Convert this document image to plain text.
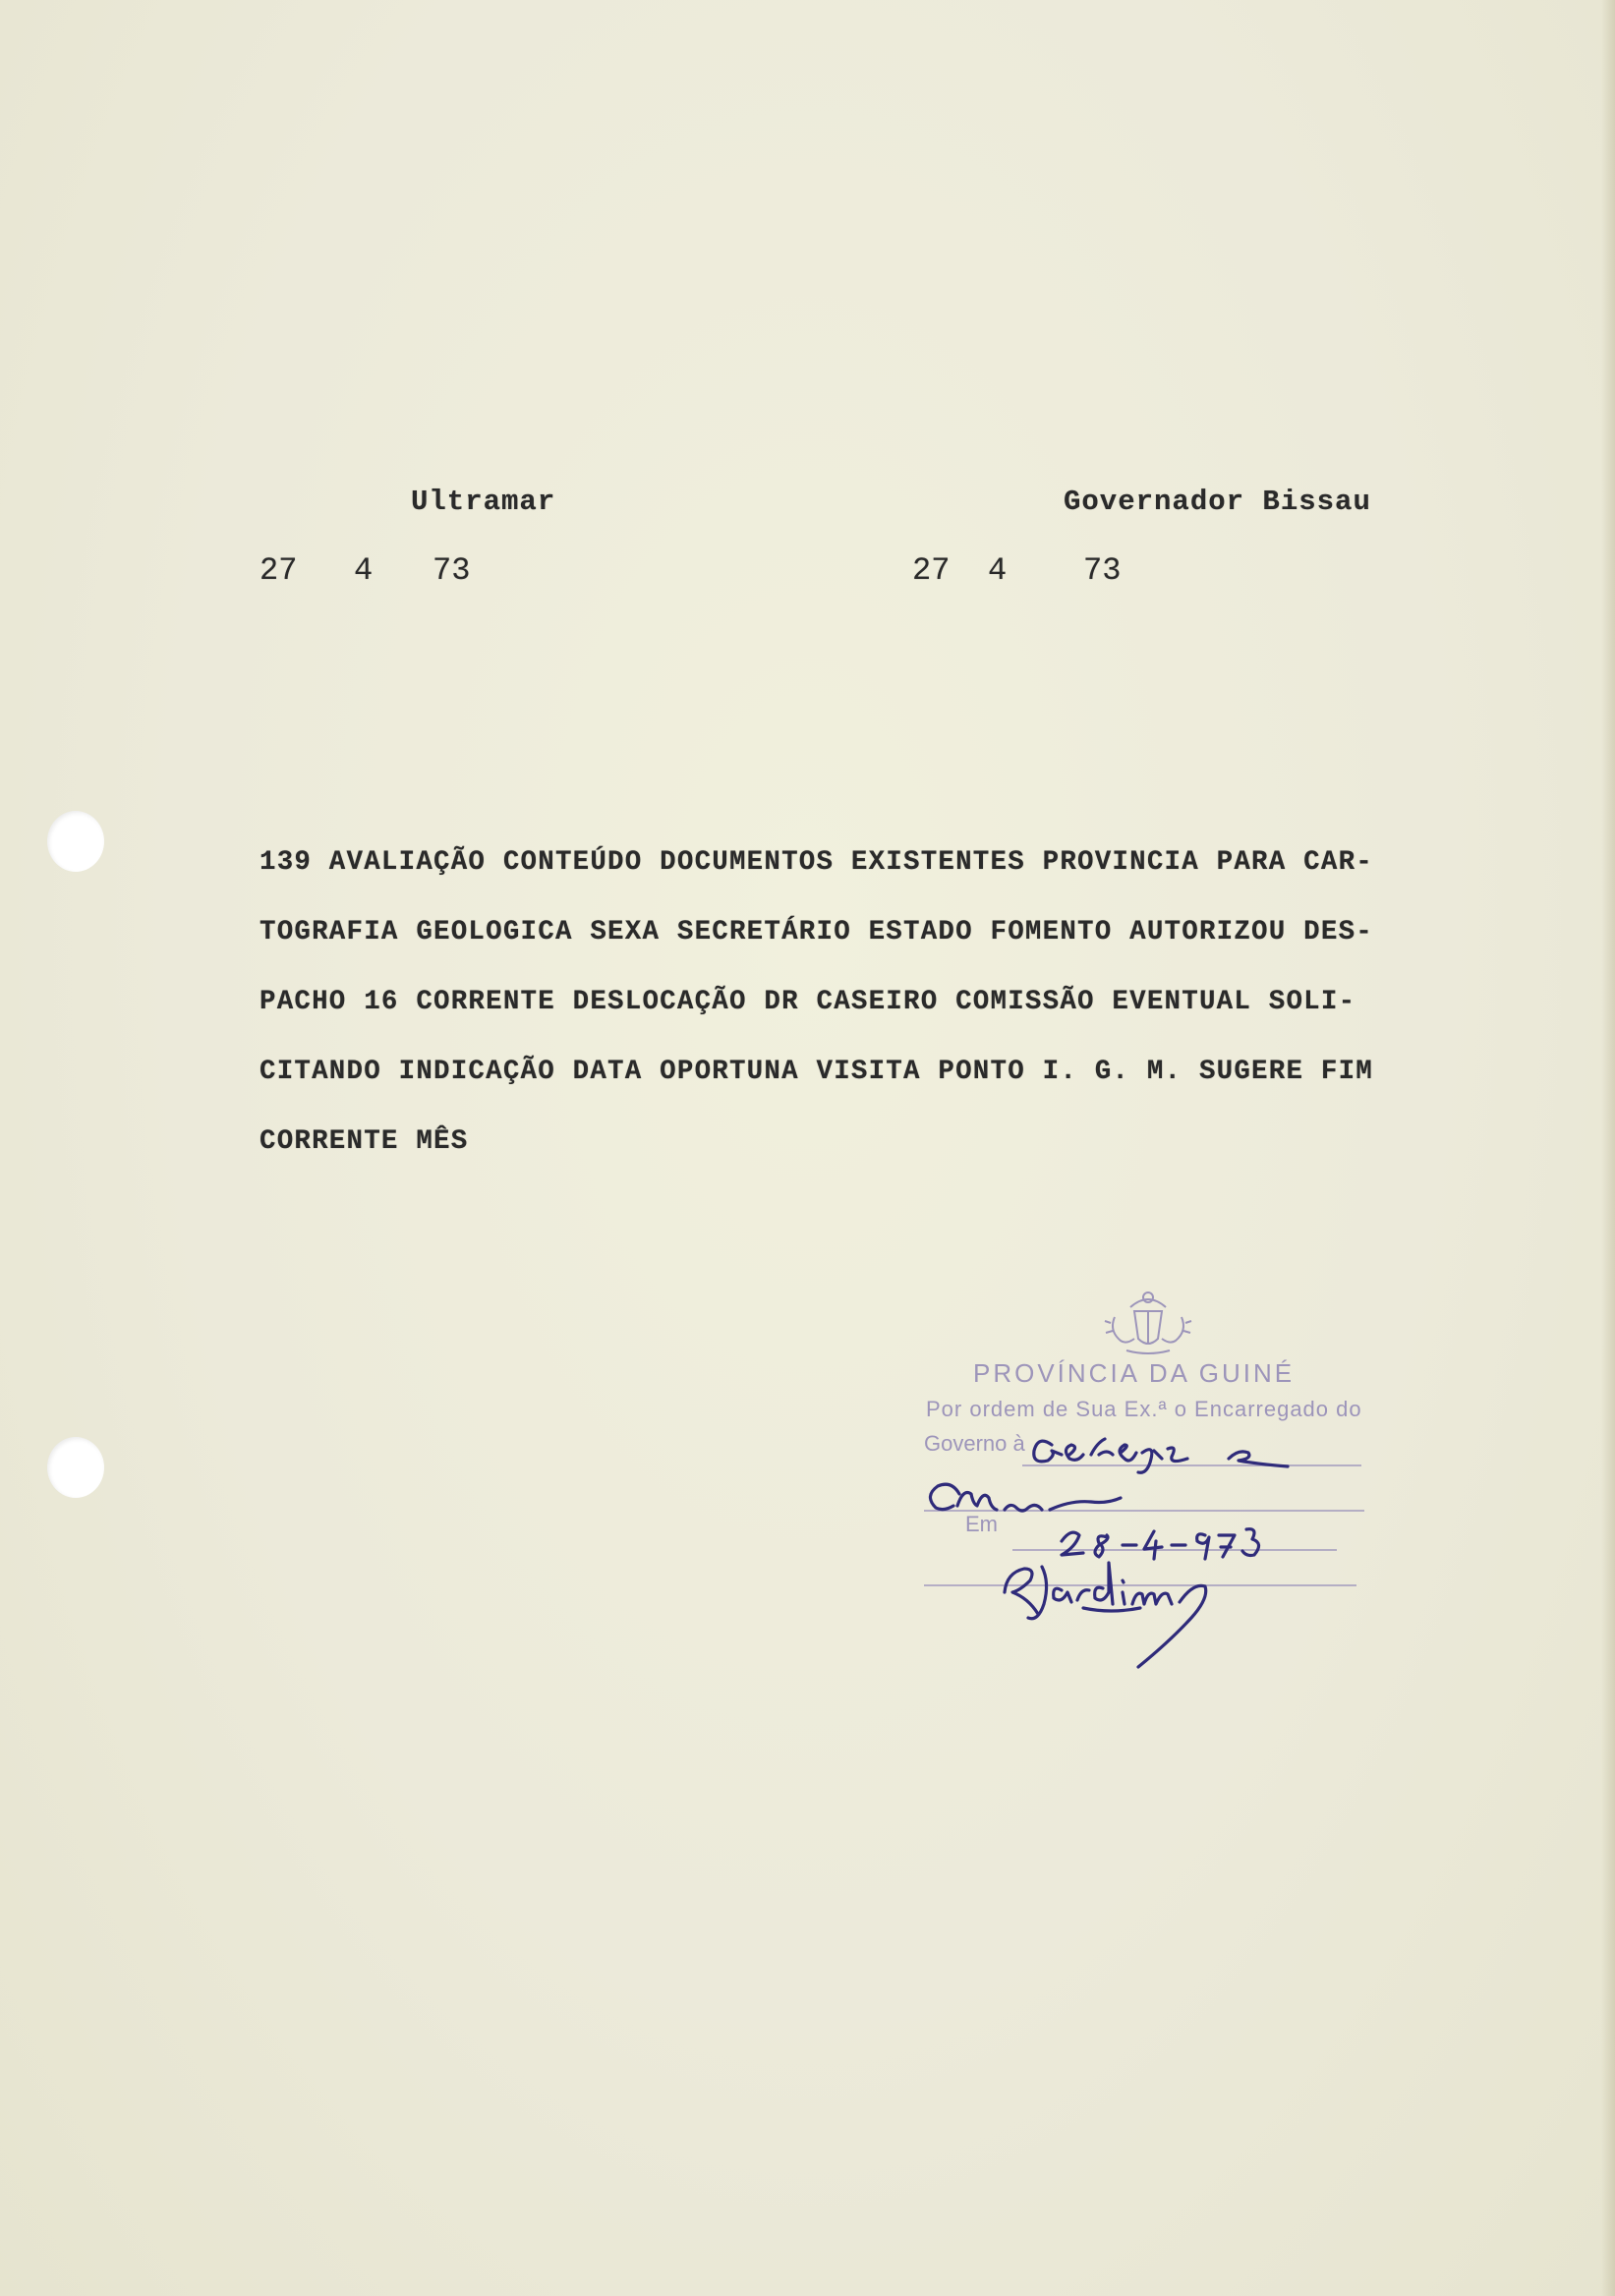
Ultramar
27 4 73
Governador Bissau
27 4 73
139 AVALIAÇÃO CONTEÚDO DOCUMENTOS EXISTENTES PROVINCIA PARA CAR-
TOGRAFIA GEOLOGICA SEXA SECRETÁRIO ESTADO FOMENTO AUTORIZOU DES-
PACHO 16 CORRENTE DESLOCAÇÃO DR CASEIRO COMISSÃO EVENTUAL SOLI-
CITANDO INDICAÇÃO DATA OPORTUNA VISITA PONTO I. G. M. SUGERE FIM
CORRENTE MÊS
PROVÍNCIA DA GUINÉ
Por ordem de Sua Ex.ª o Encarregado do
Governo à
Em
